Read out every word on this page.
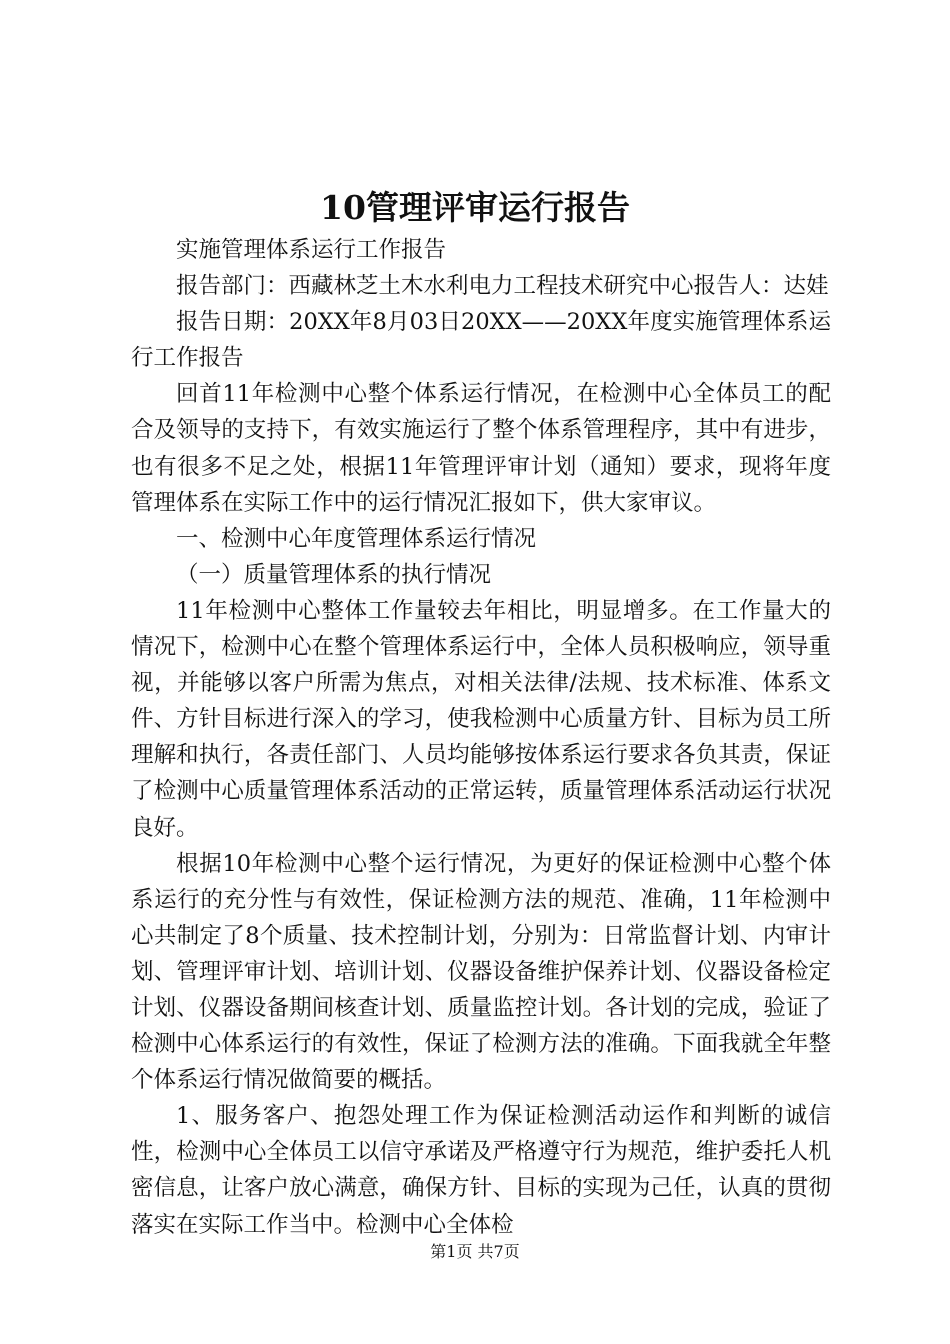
10管理评审运行报告

实施管理体系运行工作报告

报告部门：西藏林芝土木水利电力工程技术研究中心报告人：达娃

报告日期：20XX年8月03日20XX——20XX年度实施管理体系运行工作报告

回首11年检测中心整个体系运行情况，在检测中心全体员工的配合及领导的支持下，有效实施运行了整个体系管理程序，其中有进步，也有很多不足之处，根据11年管理评审计划（通知）要求，现将年度管理体系在实际工作中的运行情况汇报如下，供大家审议。

一、检测中心年度管理体系运行情况

（一）质量管理体系的执行情况

11年检测中心整体工作量较去年相比，明显增多。在工作量大的情况下，检测中心在整个管理体系运行中，全体人员积极响应，领导重视，并能够以客户所需为焦点，对相关法律/法规、技术标准、体系文件、方针目标进行深入的学习，使我检测中心质量方针、目标为员工所理解和执行，各责任部门、人员均能够按体系运行要求各负其责，保证了检测中心质量管理体系活动的正常运转，质量管理体系活动运行状况良好。

根据10年检测中心整个运行情况，为更好的保证检测中心整个体系运行的充分性与有效性，保证检测方法的规范、准确，11年检测中心共制定了8个质量、技术控制计划，分别为：日常监督计划、内审计划、管理评审计划、培训计划、仪器设备维护保养计划、仪器设备检定计划、仪器设备期间核查计划、质量监控计划。各计划的完成，验证了检测中心体系运行的有效性，保证了检测方法的准确。下面我就全年整个体系运行情况做简要的概括。

1、服务客户、抱怨处理工作为保证检测活动运作和判断的诚信性，检测中心全体员工以信守承诺及严格遵守行为规范，维护委托人机密信息，让客户放心满意，确保方针、目标的实现为己任，认真的贯彻落实在实际工作当中。检测中心全体检

第1页 共7页
